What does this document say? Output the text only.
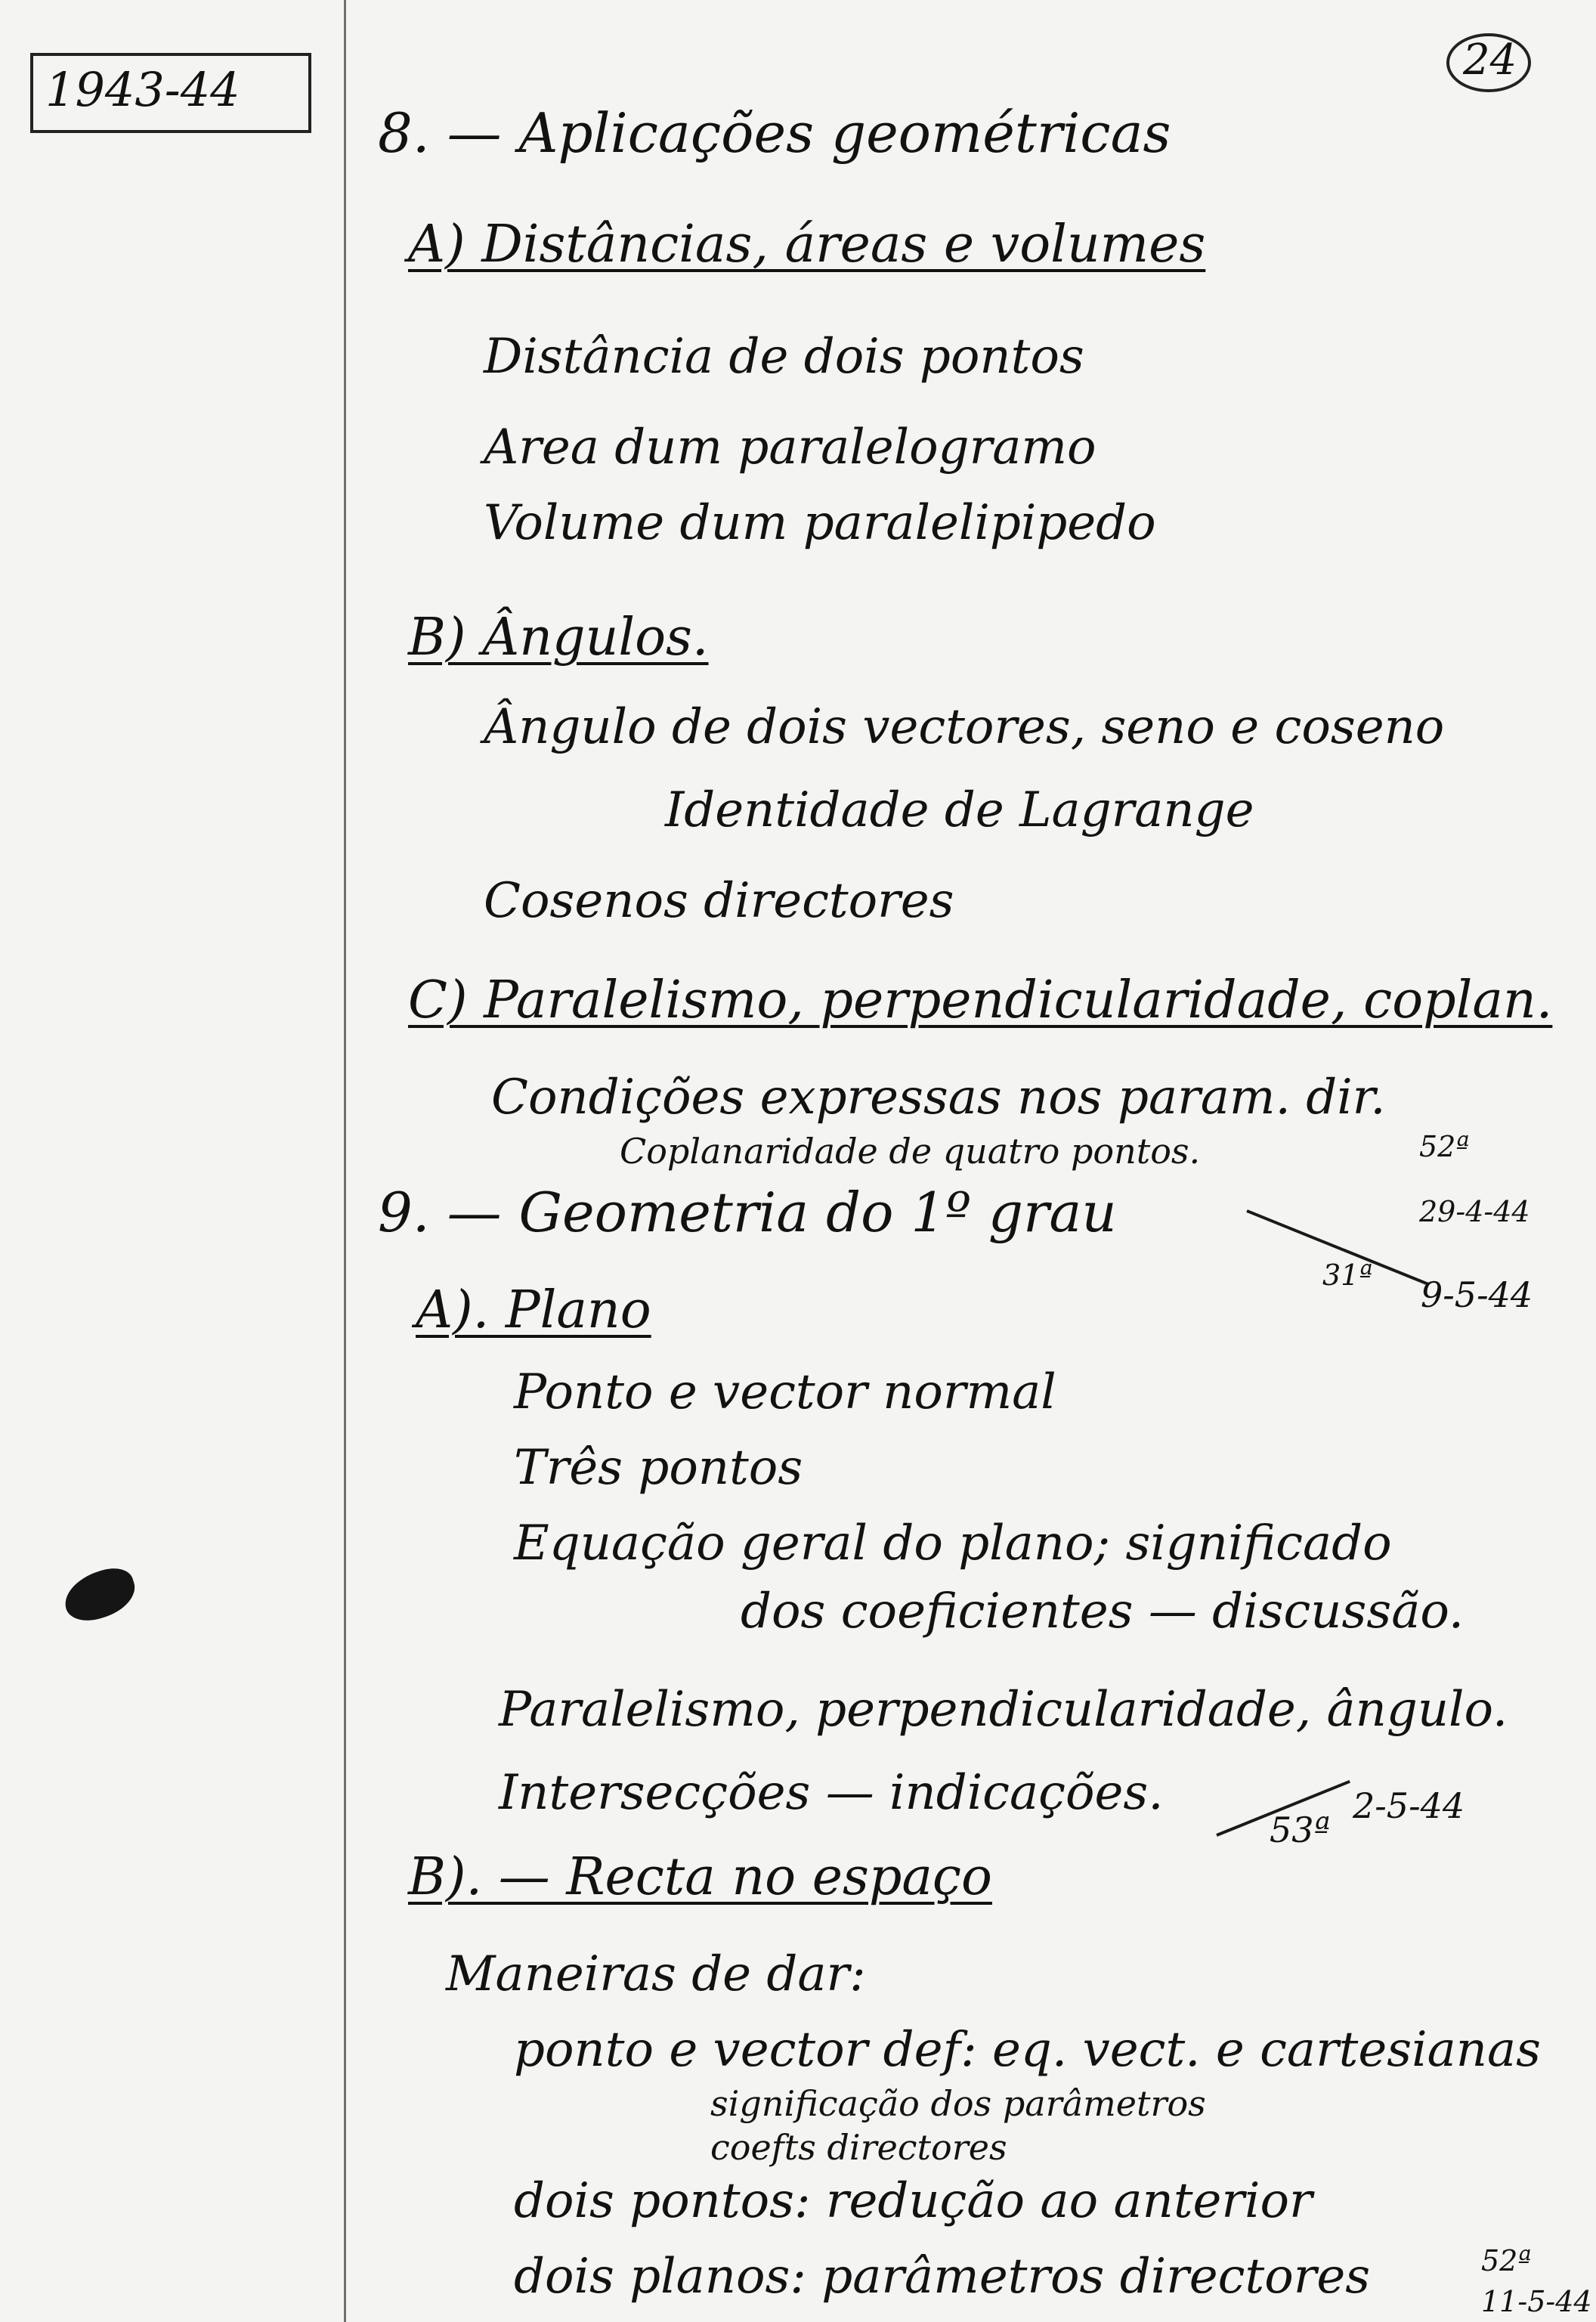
1943-44
24
8. — Aplicações geométricas
A) Distâncias, áreas e volumes
Distância de dois pontos
Area dum paralelogramo
Volume dum paralelipipedo
B) Ângulos.
Ângulo de dois vectores, seno e coseno
Identidade de Lagrange
Cosenos directores
C) Paralelismo, perpendicularidade, coplan.
Condições expressas nos param. dir.
Coplanaridade de quatro pontos.	52ª
29-4-44
9. — Geometria do 1º grau
31ª 9-5-44
A). Plano
Ponto e vector normal
Três pontos
Equação geral do plano; significado
dos coeficientes — discussão.
Paralelismo, perpendicularidade, ângulo.
Intersecções — indicações.
53ª
2-5-44
B). — Recta no espaço
Maneiras de dar:
ponto e vector def: eq. vect. e cartesianas
significação dos parâmetros
coefts directores
dois pontos: redução ao anterior
dois planos: parâmetros directores	52ª
11-5-44
